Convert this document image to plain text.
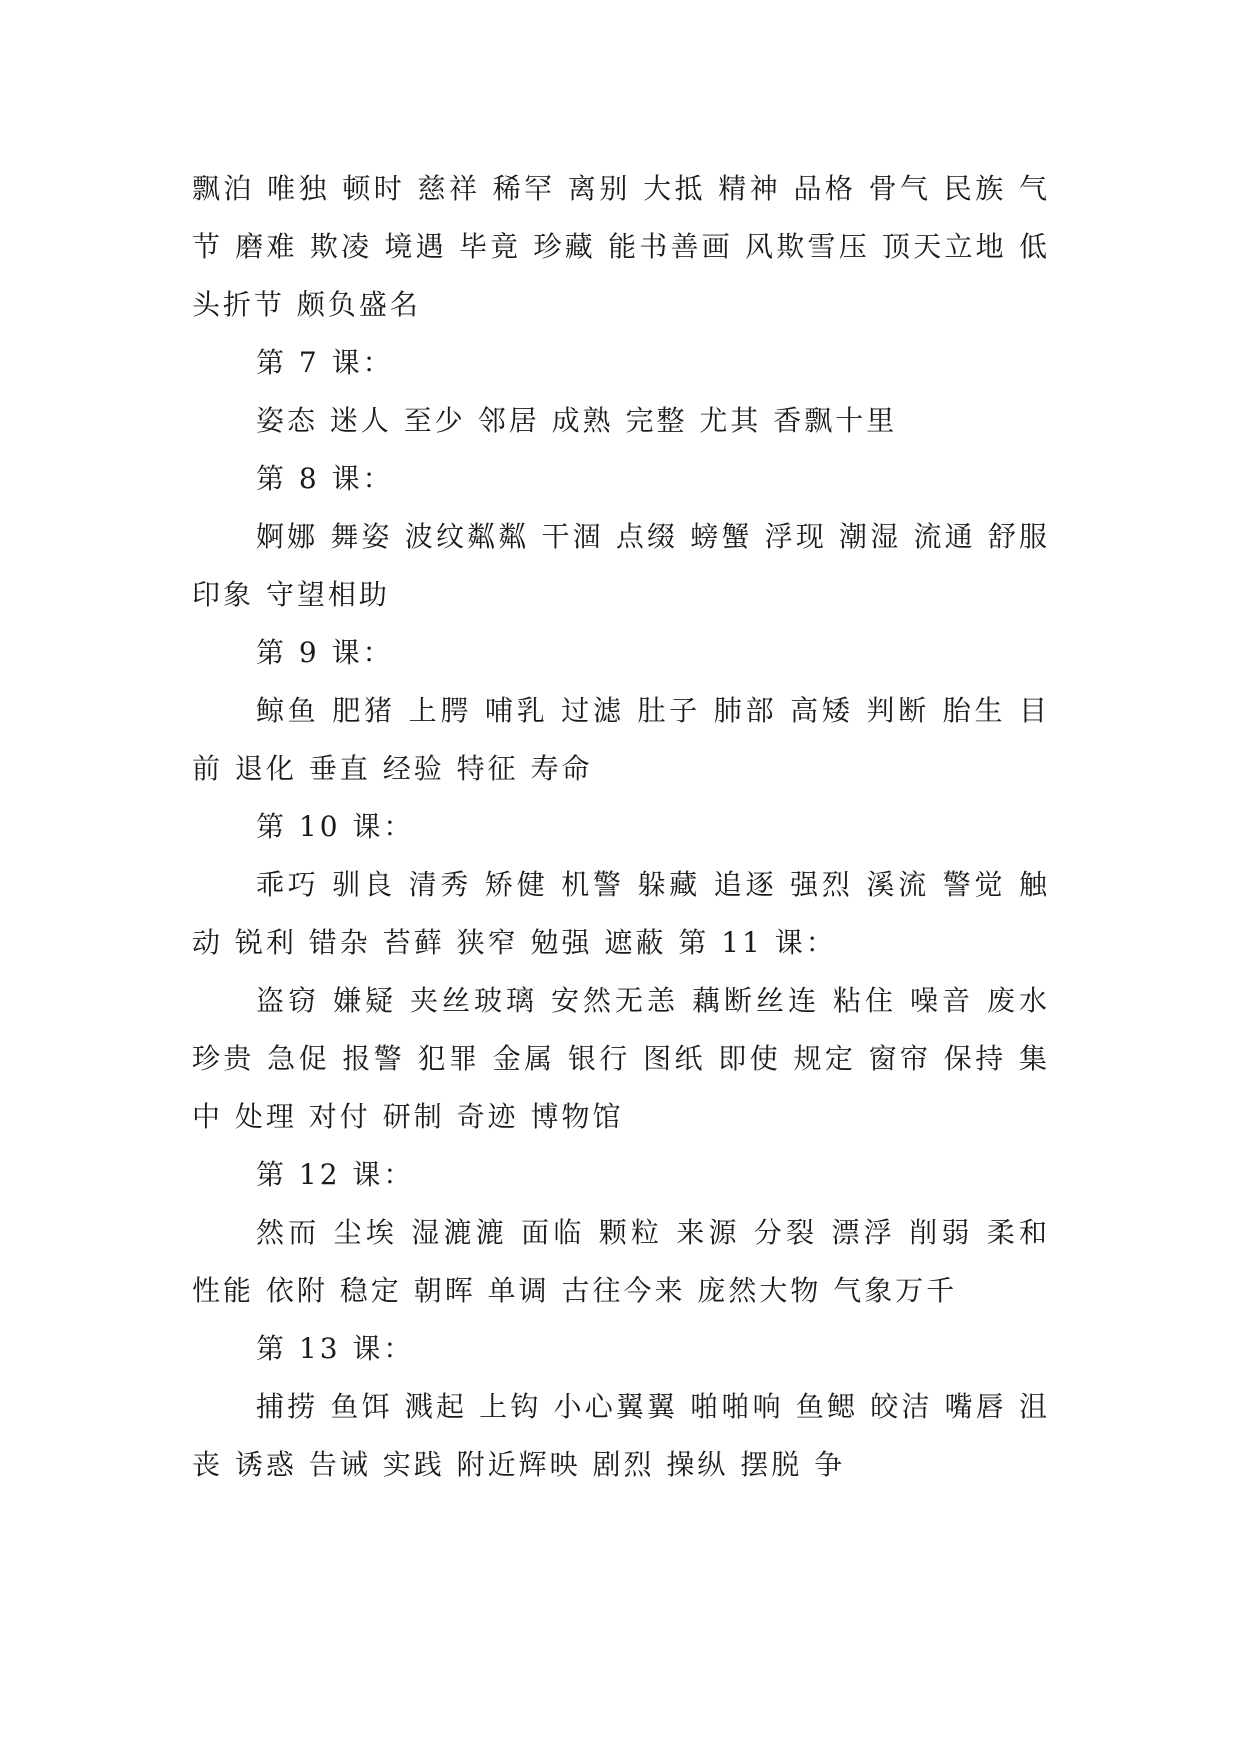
飘泊 唯独 顿时 慈祥 稀罕 离别 大抵 精神 品格 骨气 民族 气节 磨难 欺凌 境遇 毕竟 珍藏 能书善画 风欺雪压 顶天立地 低头折节 颇负盛名

第 7 课：

姿态 迷人 至少 邻居 成熟 完整 尤其 香飘十里

第 8 课：

婀娜 舞姿 波纹粼粼 干涸 点缀 螃蟹 浮现 潮湿 流通 舒服 印象 守望相助

第 9 课：

鲸鱼 肥猪 上腭 哺乳 过滤 肚子 肺部 高矮 判断 胎生 目前 退化 垂直 经验 特征 寿命

第 10 课：

乖巧 驯良 清秀 矫健 机警 躲藏 追逐 强烈 溪流 警觉 触动 锐利 错杂 苔藓 狭窄 勉强 遮蔽 第 11 课：

盗窃 嫌疑 夹丝玻璃 安然无恙 藕断丝连 粘住 噪音 废水 珍贵 急促 报警 犯罪 金属 银行 图纸 即使 规定 窗帘 保持 集中 处理 对付 研制 奇迹 博物馆

第 12 课：

然而 尘埃 湿漉漉 面临 颗粒 来源 分裂 漂浮 削弱 柔和 性能 依附 稳定 朝晖 单调 古往今来 庞然大物 气象万千

第 13 课：

捕捞 鱼饵 溅起 上钩 小心翼翼 啪啪响 鱼鳃 皎洁 嘴唇 沮丧 诱惑 告诫 实践 附近辉映 剧烈 操纵 摆脱 争
